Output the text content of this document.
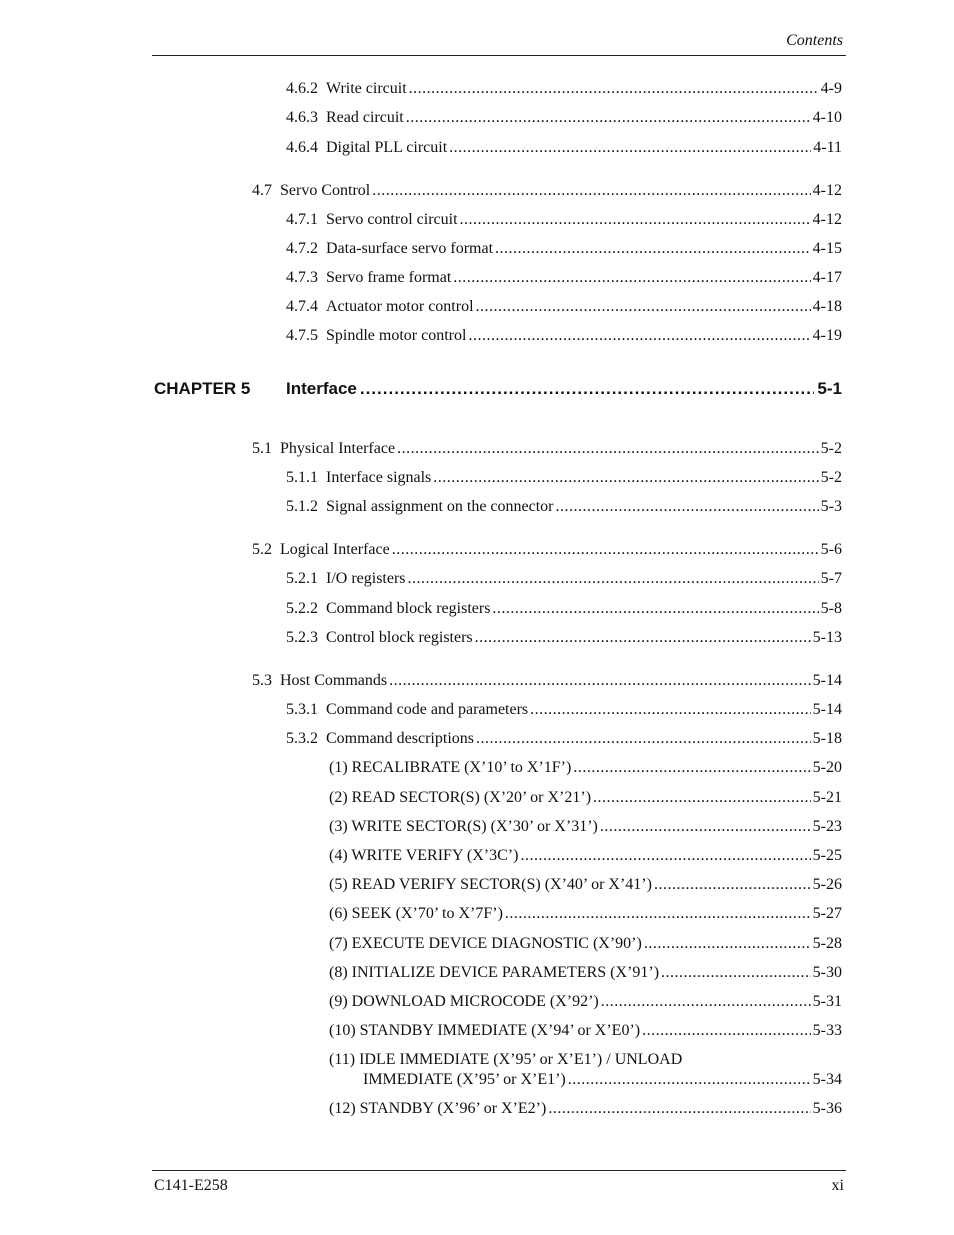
Contents
4.6.2 Write circuit .....	4-9
4.6.3 Read circuit .....	4-10
4.6.4 Digital PLL circuit .....	4-11
4.7 Servo Control .....	4-12
4.7.1 Servo control circuit .....	4-12
4.7.2 Data-surface servo format .....	4-15
4.7.3 Servo frame format .....	4-17
4.7.4 Actuator motor control .....	4-18
4.7.5 Spindle motor control .....	4-19
CHAPTER 5	Interface .....	5-1
5.1 Physical Interface .....	5-2
5.1.1 Interface signals .....	5-2
5.1.2 Signal assignment on the connector .....	5-3
5.2 Logical Interface .....	5-6
5.2.1 I/O registers .....	5-7
5.2.2 Command block registers .....	5-8
5.2.3 Control block registers .....	5-13
5.3 Host Commands .....	5-14
5.3.1 Command code and parameters .....	5-14
5.3.2 Command descriptions .....	5-18
(1) RECALIBRATE (X’10’ to X’1F’) .....	5-20
(2) READ SECTOR(S) (X’20’ or X’21’) .....	5-21
(3) WRITE SECTOR(S) (X’30’ or X’31’) .....	5-23
(4) WRITE VERIFY (X’3C’) .....	5-25
(5) READ VERIFY SECTOR(S) (X’40’ or X’41’) .....	5-26
(6) SEEK (X’70’ to X’7F’) .....	5-27
(7) EXECUTE DEVICE DIAGNOSTIC (X’90’) .....	5-28
(8) INITIALIZE DEVICE PARAMETERS (X’91’) .....	5-30
(9) DOWNLOAD MICROCODE (X’92’) .....	5-31
(10) STANDBY IMMEDIATE (X’94’ or X’E0’) .....	5-33
(11) IDLE IMMEDIATE (X’95’ or X’E1’) / UNLOAD
IMMEDIATE (X’95’ or X’E1’) .....	5-34
(12) STANDBY (X’96’ or X’E2’) .....	5-36
C141-E258	xi
